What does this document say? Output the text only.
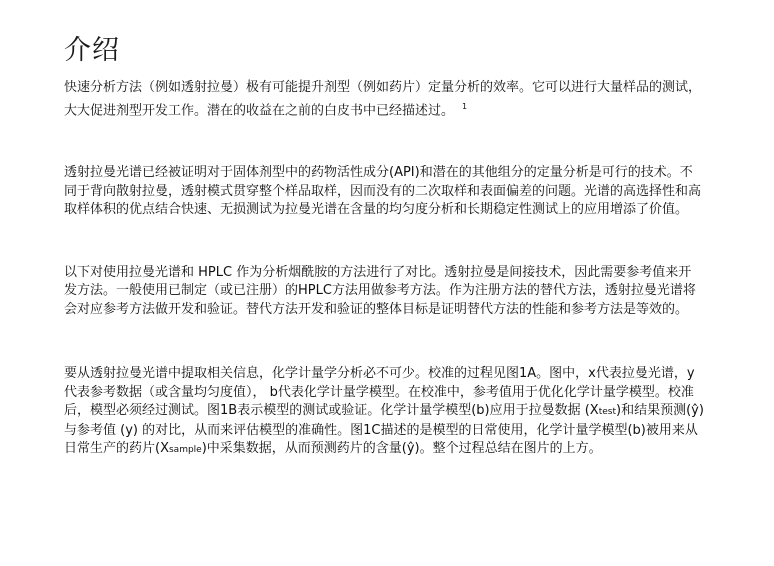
介绍

快速分析方法（例如透射拉曼）极有可能提升剂型（例如药片）定量分析的效率。它可以进行大量样品的测试，大大促进剂型开发工作。潜在的收益在之前的白皮书中已经描述过。 $^1$

透射拉曼光谱已经被证明对于固体剂型中的药物活性成分(API)和潜在的其他组分的定量分析是可行的技术。不同于背向散射拉曼，透射模式贯穿整个样品取样，因而没有的二次取样和表面偏差的问题。光谱的高选择性和高取样体积的优点结合快速、无损测试为拉曼光谱在含量的均匀度分析和长期稳定性测试上的应用增添了价值。

以下对使用拉曼光谱和 HPLC 作为分析烟酰胺的方法进行了对比。透射拉曼是间接技术，因此需要参考值来开发方法。一般使用已制定（或已注册）的HPLC方法用做参考方法。作为注册方法的替代方法，透射拉曼光谱将会对应参考方法做开发和验证。替代方法开发和验证的整体目标是证明替代方法的性能和参考方法是等效的。

要从透射拉曼光谱中提取相关信息，化学计量学分析必不可少。校准的过程见图1A。图中，x代表拉曼光谱，y代表参考数据（或含量均匀度值）， b代表化学计量学模型。在校准中，参考值用于优化化学计量学模型。校准后，模型必须经过测试。图1B表示模型的测试或验证。化学计量学模型(b)应用于拉曼数据 (Xtest)和结果预测(ŷ)与参考值 (y) 的对比，从而来评估模型的准确性。图1C描述的是模型的日常使用，化学计量学模型(b)被用来从日常生产的药片(Xsample)中采集数据，从而预测药片的含量(ŷ)。整个过程总结在图片的上方。
